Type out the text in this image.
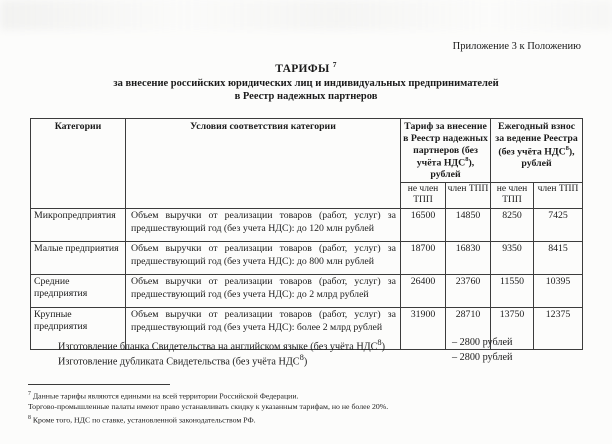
Приложение 3 к Положению
ТАРИФЫ $^7$
за внесение российских юридических лиц и индивидуальных предпринимателей
в Реестр надежных партнеров
Категории	Условия соответствия категории	Тариф за внесение в Реестр надежных партнеров (без учёта НДС$^8$), рублей		Ежегодный взнос за ведение Реестра (без учёта НДС$^8$), рублей	
		не член ТПП	член ТПП	не член ТПП	член ТПП
Микропредприятия	Объем выручки от реализации товаров (работ, услуг) за предшествующий год (без учета НДС): до 120 млн рублей	16500	14850	8250	7425
Малые предприятия	Объем выручки от реализации товаров (работ, услуг) за предшествующий год (без учета НДС): до 800 млн рублей	18700	16830	9350	8415
Средние предприятия	Объем выручки от реализации товаров (работ, услуг) за предшествующий год (без учета НДС): до 2 млрд рублей	26400	23760	11550	10395
Крупные предприятия	Объем выручки от реализации товаров (работ, услуг) за предшествующий год (без учета НДС): более 2 млрд рублей	31900	28710	13750	12375
Изготовление бланка Свидетельства на английском языке (без учёта НДС$^8$)	– 2800 рублей
Изготовление дубликата Свидетельства (без учёта НДС$^8$)	– 2800 рублей
$^7$ Данные тарифы являются едиными на всей территории Российской Федерации.
Торгово-промышленные палаты имеют право устанавливать скидку к указанным тарифам, но не более 20%.
$^8$ Кроме того, НДС по ставке, установленной законодательством РФ.
